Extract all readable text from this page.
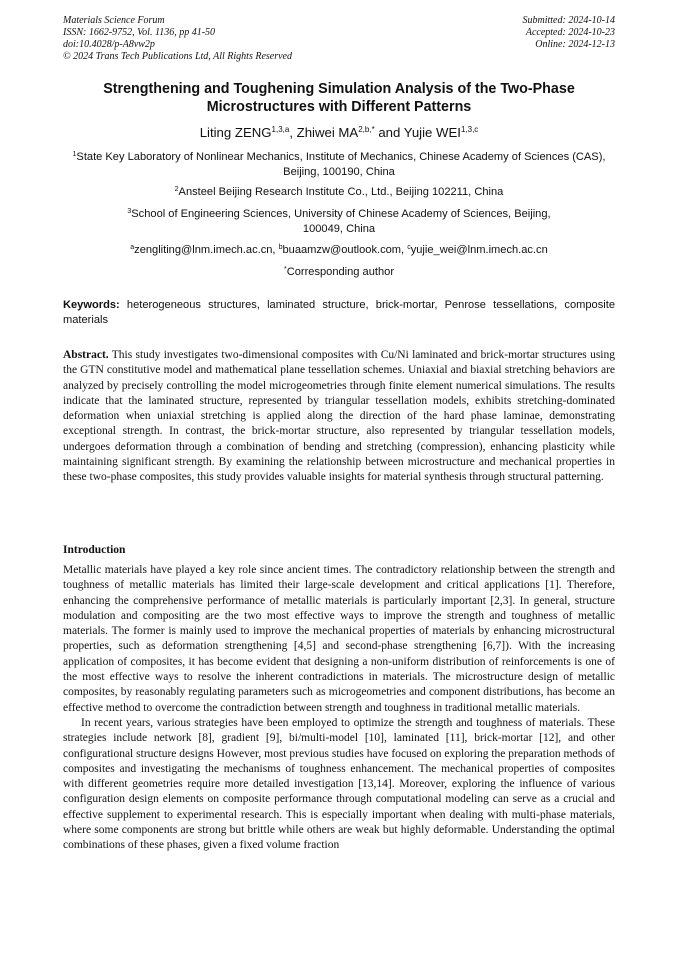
Materials Science Forum
ISSN: 1662-9752, Vol. 1136, pp 41-50
doi:10.4028/p-A8vw2p
© 2024 Trans Tech Publications Ltd, All Rights Reserved
Submitted: 2024-10-14
Accepted: 2024-10-23
Online: 2024-12-13
Strengthening and Toughening Simulation Analysis of the Two-Phase Microstructures with Different Patterns
Liting ZENG$^{1,3,a}$, Zhiwei $MA^{2,b,*}$ and Yujie WEI$^{1,3,c}$
$^1$State Key Laboratory of Nonlinear Mechanics, Institute of Mechanics, Chinese Academy of Sciences (CAS), Beijing, 100190, China
$^2$Ansteel Beijing Research Institute Co., Ltd., Beijing 102211, China
$^3$School of Engineering Sciences, University of Chinese Academy of Sciences, Beijing, 100049, China
$^a$zengliting@lnm.imech.ac.cn, $^b$buaamzw@outlook.com, $^c$yujie_wei@lnm.imech.ac.cn
*Corresponding author
Keywords: heterogeneous structures, laminated structure, brick-mortar, Penrose tessellations, composite materials
Abstract. This study investigates two-dimensional composites with Cu/Ni laminated and brick-mortar structures using the GTN constitutive model and mathematical plane tessellation schemes. Uniaxial and biaxial stretching behaviors are analyzed by precisely controlling the model microgeometries through finite element numerical simulations. The results indicate that the laminated structure, represented by triangular tessellation models, exhibits stretching-dominated deformation when uniaxial stretching is applied along the direction of the hard phase laminae, demonstrating exceptional strength. In contrast, the brick-mortar structure, also represented by triangular tessellation models, undergoes deformation through a combination of bending and stretching (compression), enhancing plasticity while maintaining significant strength. By examining the relationship between microstructure and mechanical properties in these two-phase composites, this study provides valuable insights for material synthesis through structural patterning.
Introduction

Metallic materials have played a key role since ancient times. The contradictory relationship between the strength and toughness of metallic materials has limited their large-scale development and critical applications [1]. Therefore, enhancing the comprehensive performance of metallic materials is particularly important [2,3]. In general, structure modulation and compositing are the two most effective ways to improve the strength and toughness of metallic materials. The former is mainly used to improve the mechanical properties of materials by enhancing microstructural properties, such as deformation strengthening [4,5] and second-phase strengthening [6,7]). With the increasing application of composites, it has become evident that designing a non-uniform distribution of reinforcements is one of the most effective ways to resolve the inherent contradictions in materials. The microstructure design of metallic composites, by reasonably regulating parameters such as microgeometries and component distributions, has become an effective method to overcome the contradiction between strength and toughness in traditional metallic materials.

In recent years, various strategies have been employed to optimize the strength and toughness of materials. These strategies include network [8], gradient [9], bi/multi-model [10], laminated [11], brick-mortar [12], and other configurational structure designs However, most previous studies have focused on exploring the preparation methods of composites and investigating the mechanisms of toughness enhancement. The mechanical properties of composites with different geometries require more detailed investigation [13,14]. Moreover, exploring the influence of various configuration design elements on composite performance through computational modeling can serve as a crucial and effective supplement to experimental research. This is especially important when dealing with multi-phase materials, where some components are strong but brittle while others are weak but highly deformable. Understanding the optimal combinations of these phases, given a fixed volume fraction
